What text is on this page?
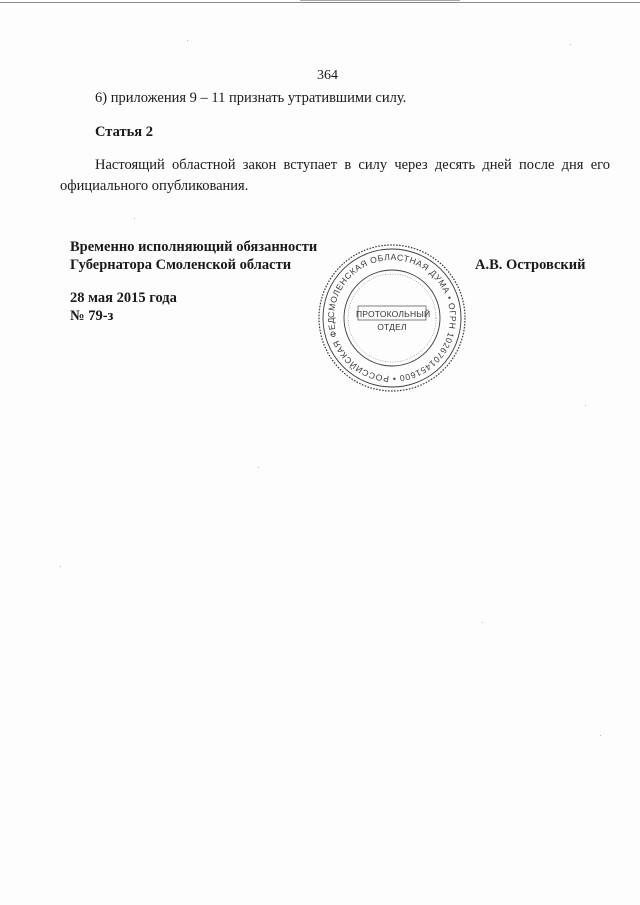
364
6) приложения 9 – 11 признать утратившими силу.
Статья 2
Настоящий областной закон вступает в силу через десять дней после дня его официального опубликования.
Временно исполняющий обязанности
Губернатора Смоленской области	А.В. Островский
28 мая 2015 года
№ 79-з	СМОЛЕНСКАЯ ОБЛАСТНАЯ ДУМА • ОГРН 1026701451600 • РОССИЙСКАЯ ФЕД
ПРОТОКОЛЬНЫЙ
ОТДЕЛ
